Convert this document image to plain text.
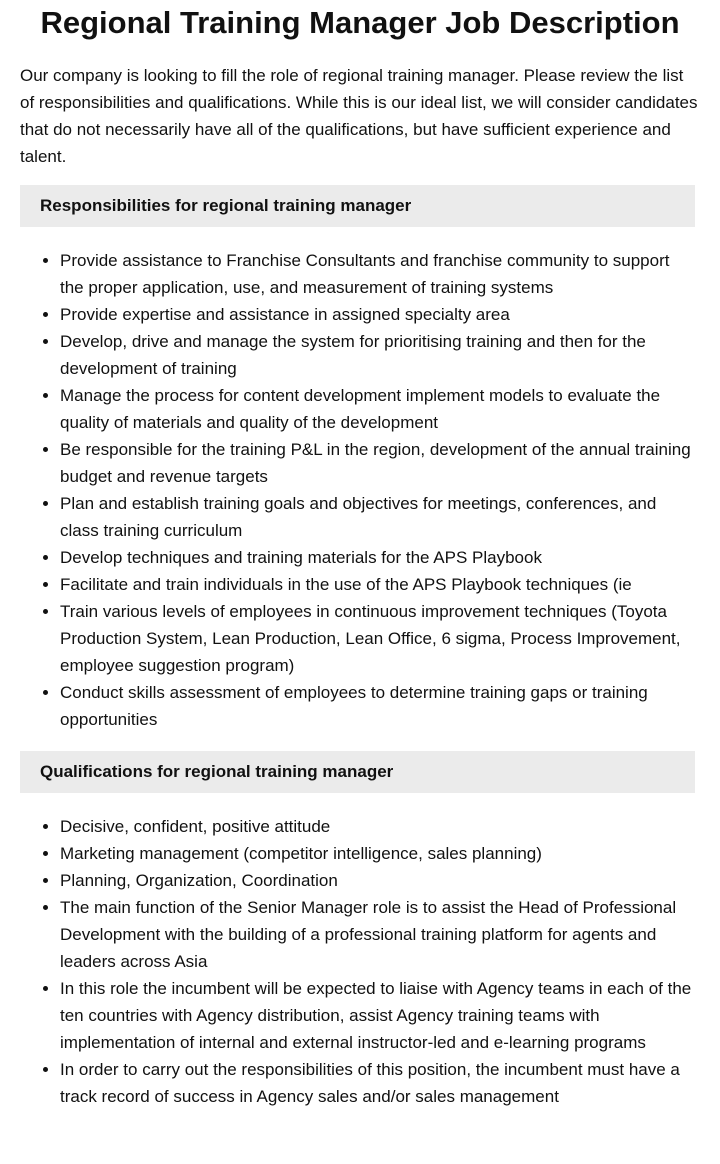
Regional Training Manager Job Description

Our company is looking to fill the role of regional training manager. Please review the list of responsibilities and qualifications. While this is our ideal list, we will consider candidates that do not necessarily have all of the qualifications, but have sufficient experience and talent.

Responsibilities for regional training manager
• Provide assistance to Franchise Consultants and franchise community to support the proper application, use, and measurement of training systems
• Provide expertise and assistance in assigned specialty area
• Develop, drive and manage the system for prioritising training and then for the development of training
• Manage the process for content development implement models to evaluate the quality of materials and quality of the development
• Be responsible for the training P&L in the region, development of the annual training budget and revenue targets
• Plan and establish training goals and objectives for meetings, conferences, and class training curriculum
• Develop techniques and training materials for the APS Playbook
• Facilitate and train individuals in the use of the APS Playbook techniques (ie
• Train various levels of employees in continuous improvement techniques (Toyota Production System, Lean Production, Lean Office, 6 sigma, Process Improvement, employee suggestion program)
• Conduct skills assessment of employees to determine training gaps or training opportunities
Qualifications for regional training manager
• Decisive, confident, positive attitude
• Marketing management (competitor intelligence, sales planning)
• Planning, Organization, Coordination
• The main function of the Senior Manager role is to assist the Head of Professional Development with the building of a professional training platform for agents and leaders across Asia
• In this role the incumbent will be expected to liaise with Agency teams in each of the ten countries with Agency distribution, assist Agency training teams with implementation of internal and external instructor-led and e-learning programs
• In order to carry out the responsibilities of this position, the incumbent must have a track record of success in Agency sales and/or sales management
